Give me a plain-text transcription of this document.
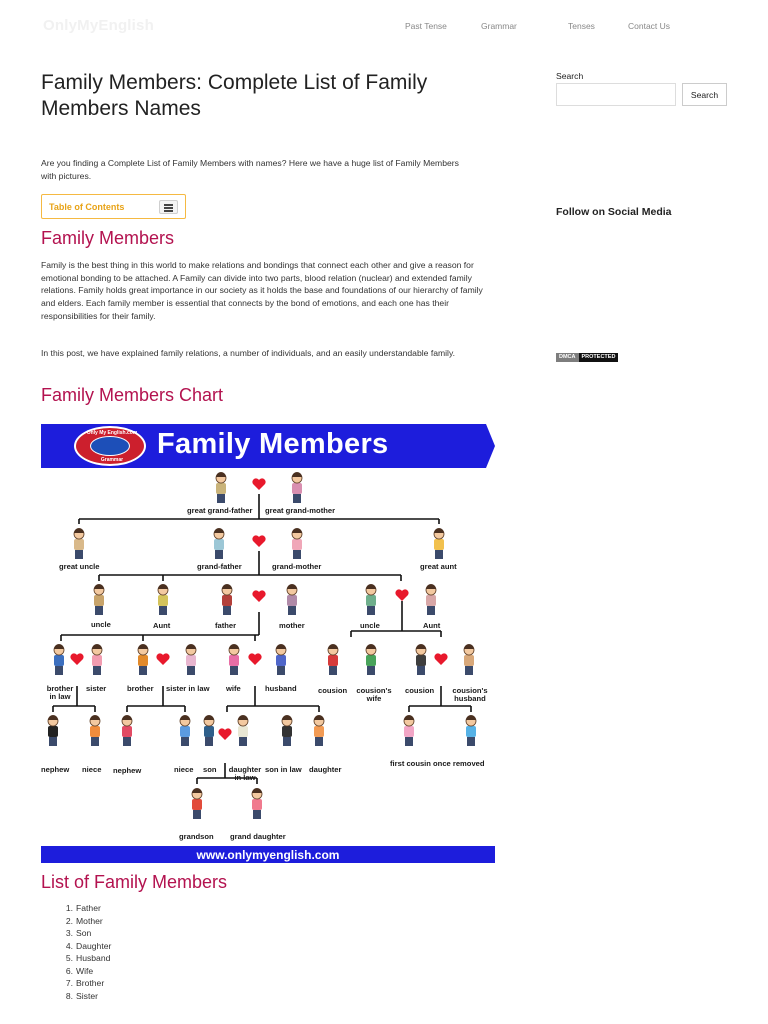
OnlyMyEnglish	Past Tense	Grammar	Tenses	Contact Us
Family Members: Complete List of Family Members Names

Are you finding a Complete List of Family Members with names? Here we have a huge list of Family Members with pictures.

Table of Contents
Family Members

Family is the best thing in this world to make relations and bondings that connect each other and give a reason for emotional bonding to be attached. A Family can divide into two parts, blood relation (nuclear) and extended family relations. Family holds great importance in our society as it holds the base and foundations of our hierarchy of family and elders. Each family member is essential that connects by the bond of emotions, and each one has their responsibilities for their family.

In this post, we have explained family relations, a number of individuals, and an easily understandable family.

Family Members Chart
Only My English.com
Grammar	Family Members
great grand-father great grand-mother
great uncle	grand-father	grand-mother	great aunt
uncle	Aunt	father	mother	uncle	Aunt
brother in law
sister	brother sister in law wife	husband	cousion	cousion's wife
cousion	cousion's husband
nephew niece nephew	niece son daughter in law
son in law daughter
first cousin once removed
grandson grand daughter
www.onlymyenglish.com
List of Family Members
1. Father
2. Mother
3. Son
4. Daughter
5. Husband
6. Wife
7. Brother
8. Sister
Search
Search
Follow on Social Media
DMCA	PROTECTED
